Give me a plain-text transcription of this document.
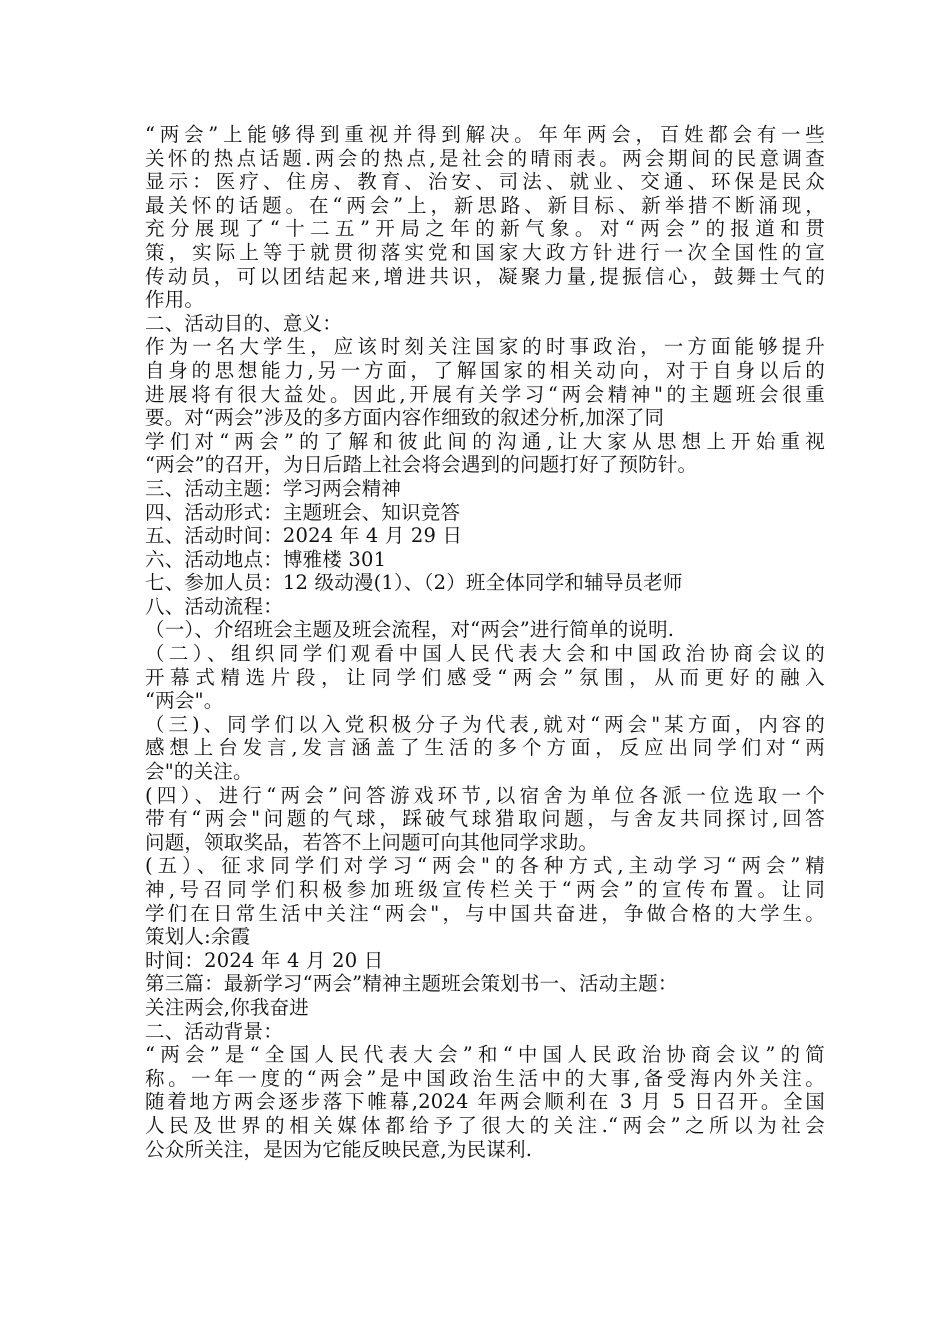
“两会”上能够得到重视并得到解决。年年两会，百姓都会有一些
关怀的热点话题.两会的热点,是社会的晴雨表。两会期间的民意调查
显示：医疗、住房、教育、治安、司法、就业、交通、环保是民众
最关怀的话题。在“两会”上，新思路、新目标、新举措不断涌现，
充分展现了“十二五”开局之年的新气象。对“两会”的报道和贯
策，实际上等于就贯彻落实党和国家大政方针进行一次全国性的宣
传动员，可以团结起来,增进共识，凝聚力量,提振信心，鼓舞士气的
作用。
二、活动目的、意义：
作为一名大学生，应该时刻关注国家的时事政治，一方面能够提升
自身的思想能力,另一方面，了解国家的相关动向，对于自身以后的
进展将有很大益处。因此,开展有关学习“两会精神"的主题班会很重
要。对“两会”涉及的多方面内容作细致的叙述分析,加深了同
学们对“两会”的了解和彼此间的沟通,让大家从思想上开始重视
“两会”的召开，为日后踏上社会将会遇到的问题打好了预防针。
三、活动主题：学习两会精神
四、活动形式：主题班会、知识竞答
五、活动时间：2024 年 4 月 29 日
六、活动地点：博雅楼 301
七、参加人员：12 级动漫(1）、（2）班全体同学和辅导员老师
八、活动流程：
（一）、介绍班会主题及班会流程，对“两会”进行简单的说明.
（二）、组织同学们观看中国人民代表大会和中国政治协商会议的
开幕式精选片段，让同学们感受“两会”氛围，从而更好的融入
“两会"。
（三)、同学们以入党积极分子为代表,就对“两会"某方面，内容的
感想上台发言,发言涵盖了生活的多个方面，反应出同学们对“两
会"的关注。
(四）、进行“两会”问答游戏环节,以宿舍为单位各派一位选取一个
带有“两会"问题的气球，踩破气球猎取问题，与舍友共同探讨,回答
问题，领取奖品，若答不上问题可向其他同学求助。
(五）、征求同学们对学习“两会"的各种方式,主动学习“两会”精
神,号召同学们积极参加班级宣传栏关于“两会”的宣传布置。让同
学们在日常生活中关注“两会"，与中国共奋进，争做合格的大学生。
策划人:余霞
时间：2024 年 4 月 20 日
第三篇：最新学习“两会”精神主题班会策划书一、活动主题：
关注两会,你我奋进
二、活动背景：
“两会”是“全国人民代表大会”和“中国人民政治协商会议”的简
称。一年一度的“两会”是中国政治生活中的大事,备受海内外关注。
随着地方两会逐步落下帷幕,2024 年两会顺利在 3 月 5 日召开。全国
人民及世界的相关媒体都给予了很大的关注.“两会”之所以为社会
公众所关注，是因为它能反映民意,为民谋利.
